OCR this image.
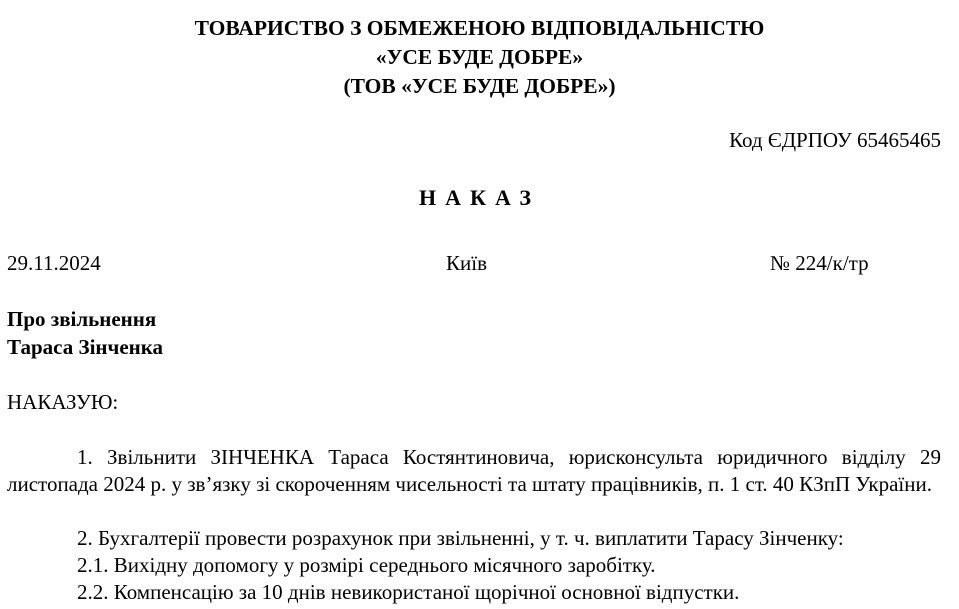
ТОВАРИСТВО З ОБМЕЖЕНОЮ ВІДПОВІДАЛЬНІСТЮ
«УСЕ БУДЕ ДОБРЕ»
(ТОВ «УСЕ БУДЕ ДОБРЕ»)
Код ЄДРПОУ 65465465
НАКАЗ
29.11.2024	Київ	№ 224/к/тр
Про звільнення
Тараса Зінченка
НАКАЗУЮ:
1. Звільнити ЗІНЧЕНКА Тараса Костянтиновича, юрисконсульта юридичного відділу 29 листопада 2024 р. у зв’язку зі скороченням чисельності та штату працівників, п. 1 ст. 40 КЗпП України.
2. Бухгалтерії провести розрахунок при звільненні, у т. ч. виплатити Тарасу Зінченку:
2.1. Вихідну допомогу у розмірі середнього місячного заробітку.
2.2. Компенсацію за 10 днів невикористаної щорічної основної відпустки.
